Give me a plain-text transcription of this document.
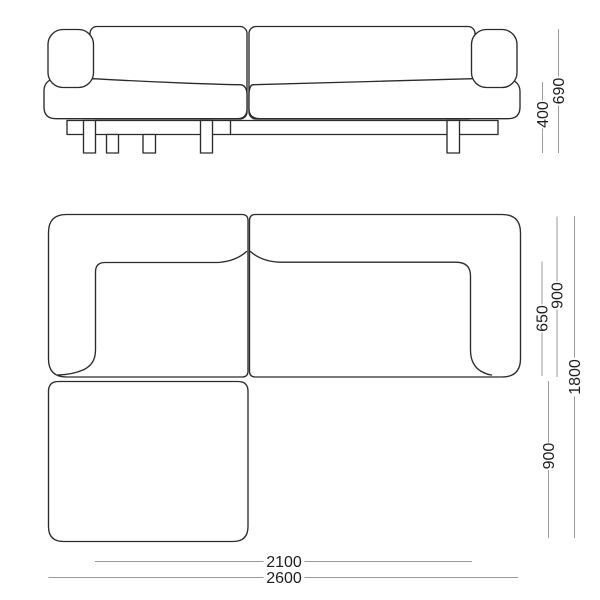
400
690
650
900
1800
900
2100
2600
